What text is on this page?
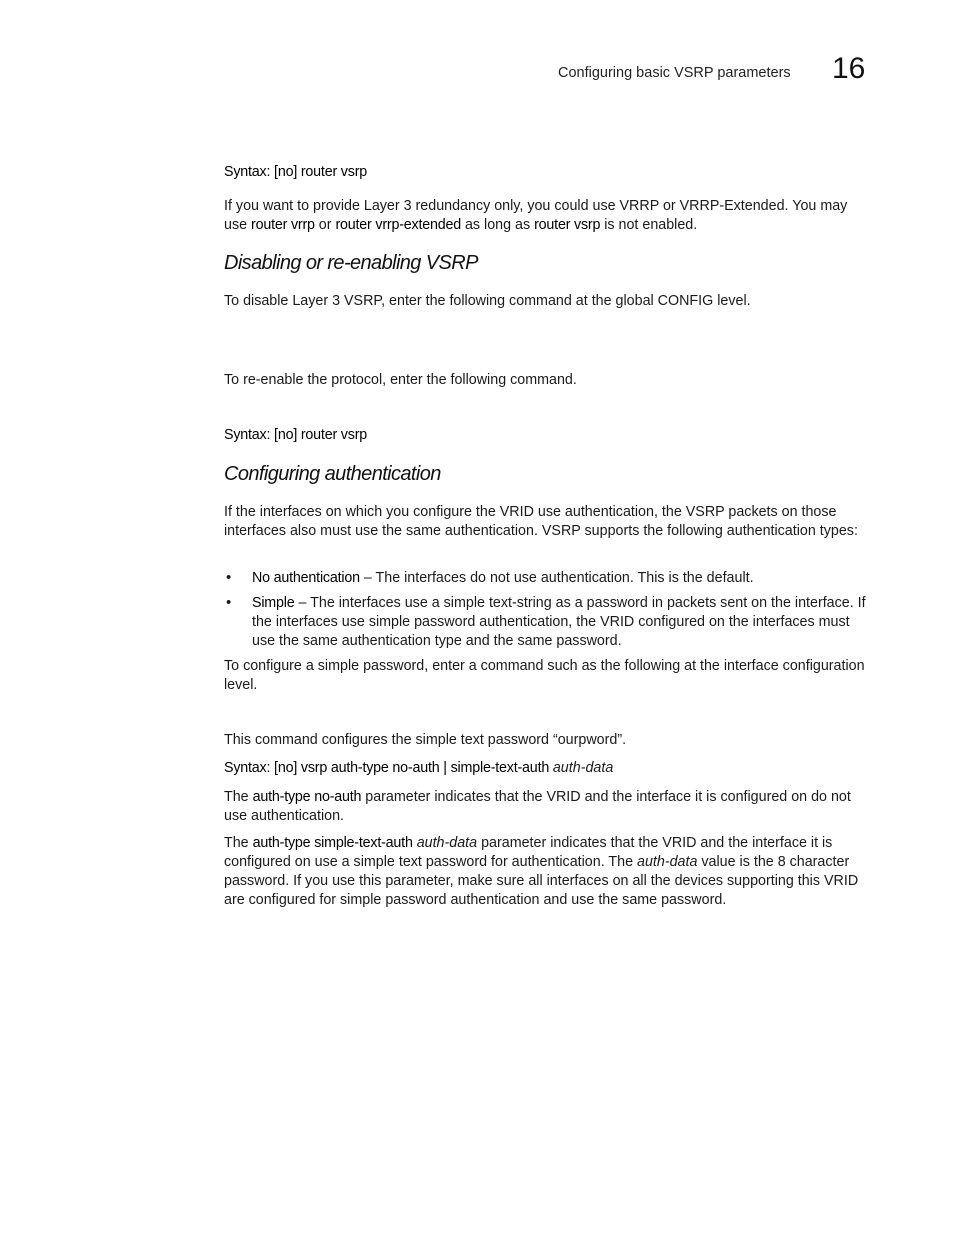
Configuring basic VSRP parameters 16

Syntax: [no] router vsrp

If you want to provide Layer 3 redundancy only, you could use VRRP or VRRP-Extended. You may use router vrrp or router vrrp-extended as long as router vsrp is not enabled.

Disabling or re-enabling VSRP

To disable Layer 3 VSRP, enter the following command at the global CONFIG level.

To re-enable the protocol, enter the following command.

Syntax: [no] router vsrp

Configuring authentication

If the interfaces on which you configure the VRID use authentication, the VSRP packets on those interfaces also must use the same authentication. VSRP supports the following authentication types:

• No authentication – The interfaces do not use authentication. This is the default.
• Simple – The interfaces use a simple text-string as a password in packets sent on the interface. If the interfaces use simple password authentication, the VRID configured on the interfaces must use the same authentication type and the same password.

To configure a simple password, enter a command such as the following at the interface configuration level.

This command configures the simple text password “ourpword”.

Syntax: [no] vsrp auth-type no-auth | simple-text-auth auth-data

The auth-type no-auth parameter indicates that the VRID and the interface it is configured on do not use authentication.

The auth-type simple-text-auth auth-data parameter indicates that the VRID and the interface it is configured on use a simple text password for authentication. The auth-data value is the 8 character password. If you use this parameter, make sure all interfaces on all the devices supporting this VRID are configured for simple password authentication and use the same password.
